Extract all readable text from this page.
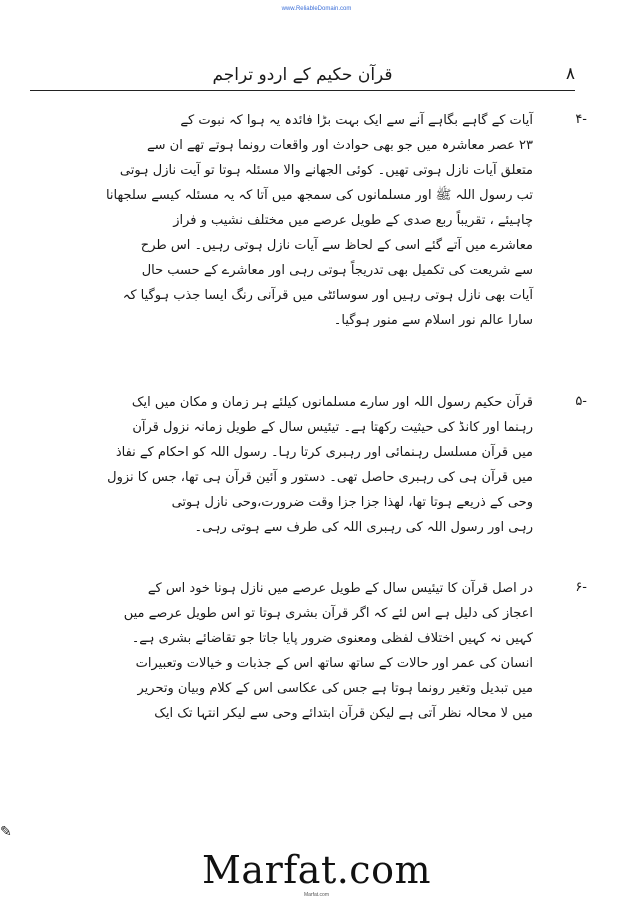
www.ReliableDomain.com
قرآن حکیم کے اردو تراجم	۸
-۴

آیات کے گاہے بگاہے آنے سے ایک بہت بڑا فائدہ یہ ہوا کہ نبوت کے

۲۳ عصر معاشرہ میں جو بھی حوادث اور واقعات رونما ہوتے تھے ان سے

متعلق آیات نازل ہوتی تھیں۔ کوئی الجھانے والا مسئلہ ہوتا تو آیت نازل ہوتی

تب رسول اللہ ﷺ اور مسلمانوں کی سمجھ میں آتا کہ یہ مسئلہ کیسے سلجھانا

چاہیئے ، تقریباً ربع صدی کے طویل عرصے میں مختلف نشیب و فراز

معاشرے میں آتے گئے اسی کے لحاظ سے آیات نازل ہوتی رہیں۔ اس طرح

سے شریعت کی تکمیل بھی تدریجاً ہوتی رہی اور معاشرے کے حسب حال

آیات بھی نازل ہوتی رہیں اور سوسائٹی میں قرآنی رنگ ایسا جذب ہوگیا کہ

سارا عالم نور اسلام سے منور ہوگیا۔

-۵

قرآن حکیم رسول اللہ اور سارے مسلمانوں کیلئے ہر زمان و مکان میں ایک

رہنما اور کانڈ کی حیثیت رکھتا ہے۔ تیئیس سال کے طویل زمانہ نزول قرآن

میں قرآن مسلسل رہنمائی اور رہبری کرتا رہا۔ رسول اللہ کو احکام کے نفاذ

میں قرآن ہی کی رہبری حاصل تھی۔ دستور و آئین قرآن ہی تھا، جس کا نزول

وحی کے ذریعے ہوتا تھا، لھذا جزا جزا وقت ضرورت،وحی نازل ہوتی

رہی اور رسول اللہ کی رہبری اللہ کی طرف سے ہوتی رہی۔

-۶

در اصل قرآن کا تیئیس سال کے طویل عرصے میں نازل ہونا خود اس کے

اعجاز کی دلیل ہے اس لئے کہ اگر قرآن بشری ہوتا تو اس طویل عرصے میں

کہیں نہ کہیں اختلاف لفظی ومعنوی ضرور پایا جاتا جو تقاضائے بشری ہے۔

انسان کی عمر اور حالات کے ساتھ ساتھ اس کے جذبات و خیالات وتعبیرات

میں تبدیل وتغیر رونما ہوتا ہے جس کی عکاسی اس کے کلام وبیان وتحریر

میں لا محالہ نظر آتی ہے لیکن قرآن ابتدائے وحی سے لیکر انتہا تک ایک

✎
Marfat.com
Marfat.com
